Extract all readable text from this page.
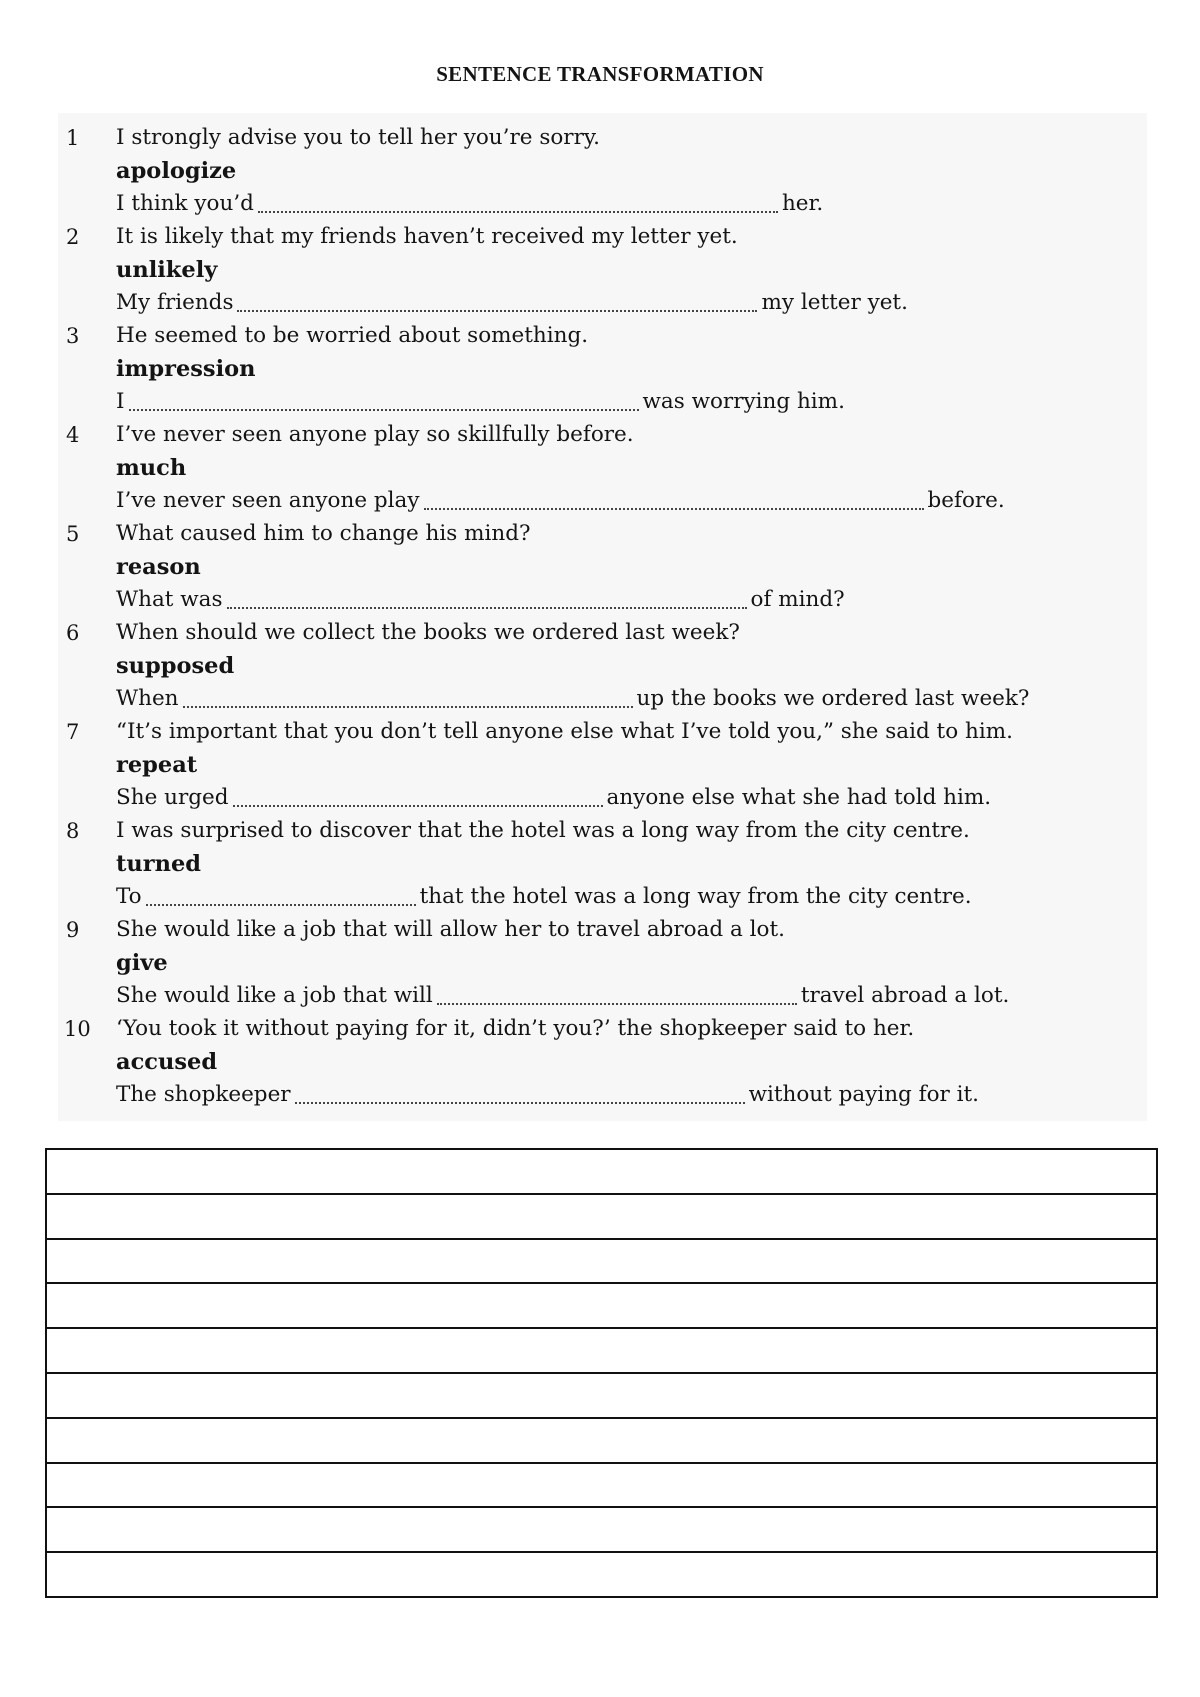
SENTENCE TRANSFORMATION
1	I strongly advise you to tell her you’re sorry.
apologize
I think you’d	her.
2	It is likely that my friends haven’t received my letter yet.
unlikely
My friends	my letter yet.
3	He seemed to be worried about something.
impression
I	was worrying him.
4	I’ve never seen anyone play so skillfully before.
much
I’ve never seen anyone play	before.
5	What caused him to change his mind?
reason
What was	of mind?
6	When should we collect the books we ordered last week?
supposed
When	up the books we ordered last week?
7	“It’s important that you don’t tell anyone else what I’ve told you,” she said to him.
repeat
She urged	anyone else what she had told him.
8	I was surprised to discover that the hotel was a long way from the city centre.
turned
To	that the hotel was a long way from the city centre.
9	She would like a job that will allow her to travel abroad a lot.
give
She would like a job that will	travel abroad a lot.
10	‘You took it without paying for it, didn’t you?’ the shopkeeper said to her.
accused
The shopkeeper	without paying for it.
